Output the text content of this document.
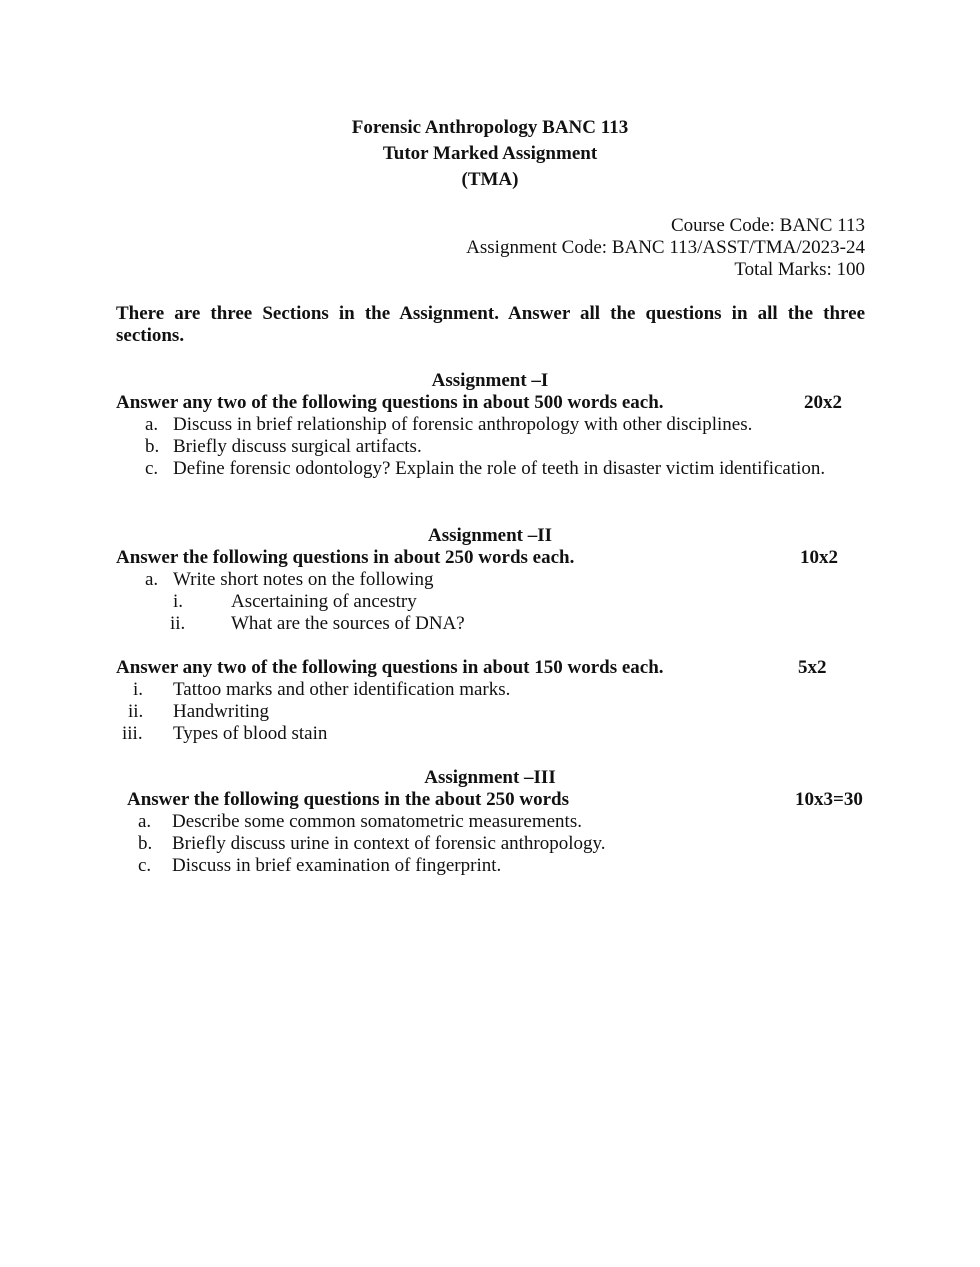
Forensic Anthropology BANC 113
Tutor Marked Assignment
(TMA)
Course Code: BANC 113
Assignment Code: BANC 113/ASST/TMA/2023-24
Total Marks: 100
There are three Sections in the Assignment. Answer all the questions in all the three
sections.
Assignment –I
Answer any two of the following questions in about 500 words each.	20x2
a. Discuss in brief relationship of forensic anthropology with other disciplines.
b. Briefly discuss surgical artifacts.
c. Define forensic odontology? Explain the role of teeth in disaster victim identification.
Assignment –II
Answer the following questions in about 250 words each.	10x2
a. Write short notes on the following
i.	Ascertaining of ancestry
ii. What are the sources of DNA?
Answer any two of the following questions in about 150 words each.	5x2
i. Tattoo marks and other identification marks.
ii. Handwriting
iii. Types of blood stain
Assignment –III
Answer the following questions in the about 250 words	10x3=30
a. Describe some common somatometric measurements.
b. Briefly discuss urine in context of forensic anthropology.
c. Discuss in brief examination of fingerprint.
